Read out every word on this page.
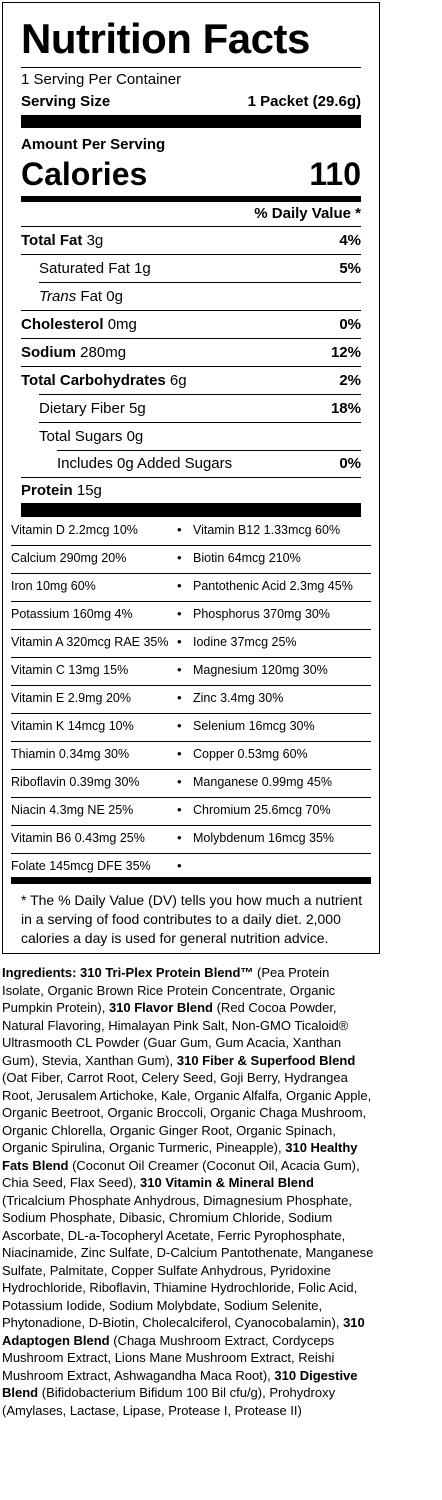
Nutrition Facts
1 Serving Per Container
Serving Size	1 Packet (29.6g)
Amount Per Serving
Calories	110
% Daily Value *
Total Fat 3g	4%
Saturated Fat 1g	5%
Trans Fat 0g
Cholesterol 0mg	0%
Sodium 280mg	12%
Total Carbohydrates 6g	2%
Dietary Fiber 5g	18%
Total Sugars 0g
Includes 0g Added Sugars	0%
Protein 15g
Vitamin D 2.2mcg 10%	• Vitamin B12 1.33mcg 60%
Calcium 290mg 20%	• Biotin 64mcg 210%
Iron 10mg 60%	• Pantothenic Acid 2.3mg 45%
Potassium 160mg 4%	• Phosphorus 370mg 30%
Vitamin A 320mcg RAE 35% • Iodine 37mcg 25%
Vitamin C 13mg 15%	• Magnesium 120mg 30%
Vitamin E 2.9mg 20%	• Zinc 3.4mg 30%
Vitamin K 14mcg 10%	• Selenium 16mcg 30%
Thiamin 0.34mg 30%	• Copper 0.53mg 60%
Riboflavin 0.39mg 30%	• Manganese 0.99mg 45%
Niacin 4.3mg NE 25%	• Chromium 25.6mcg 70%
Vitamin B6 0.43mg 25% • Molybdenum 16mcg 35%
Folate 145mcg DFE 35% •
* The % Daily Value (DV) tells you how much a nutrient in a serving of food contributes to a daily diet. 2,000 calories a day is used for general nutrition advice.
Ingredients: 310 Tri-Plex Protein Blend™ (Pea Protein Isolate, Organic Brown Rice Protein Concentrate, Organic Pumpkin Protein), 310 Flavor Blend (Red Cocoa Powder, Natural Flavoring, Himalayan Pink Salt, Non-GMO Ticaloid® Ultrasmooth CL Powder (Guar Gum, Gum Acacia, Xanthan Gum), Stevia, Xanthan Gum), 310 Fiber & Superfood Blend (Oat Fiber, Carrot Root, Celery Seed, Goji Berry, Hydrangea Root, Jerusalem Artichoke, Kale, Organic Alfalfa, Organic Apple, Organic Beetroot, Organic Broccoli, Organic Chaga Mushroom, Organic Chlorella, Organic Ginger Root, Organic Spinach, Organic Spirulina, Organic Turmeric, Pineapple), 310 Healthy Fats Blend (Coconut Oil Creamer (Coconut Oil, Acacia Gum), Chia Seed, Flax Seed), 310 Vitamin & Mineral Blend (Tricalcium Phosphate Anhydrous, Dimagnesium Phosphate, Sodium Phosphate, Dibasic, Chromium Chloride, Sodium Ascorbate, DL-a-Tocopheryl Acetate, Ferric Pyrophosphate, Niacinamide, Zinc Sulfate, D-Calcium Pantothenate, Manganese Sulfate, Palmitate, Copper Sulfate Anhydrous, Pyridoxine Hydrochloride, Riboflavin, Thiamine Hydrochloride, Folic Acid, Potassium Iodide, Sodium Molybdate, Sodium Selenite, Phytonadione, D-Biotin, Cholecalciferol, Cyanocobalamin), 310 Adaptogen Blend (Chaga Mushroom Extract, Cordyceps Mushroom Extract, Lions Mane Mushroom Extract, Reishi Mushroom Extract, Ashwagandha Maca Root), 310 Digestive Blend (Bifidobacterium Bifidum 100 Bil cfu/g), Prohydroxy (Amylases, Lactase, Lipase, Protease I, Protease II)
